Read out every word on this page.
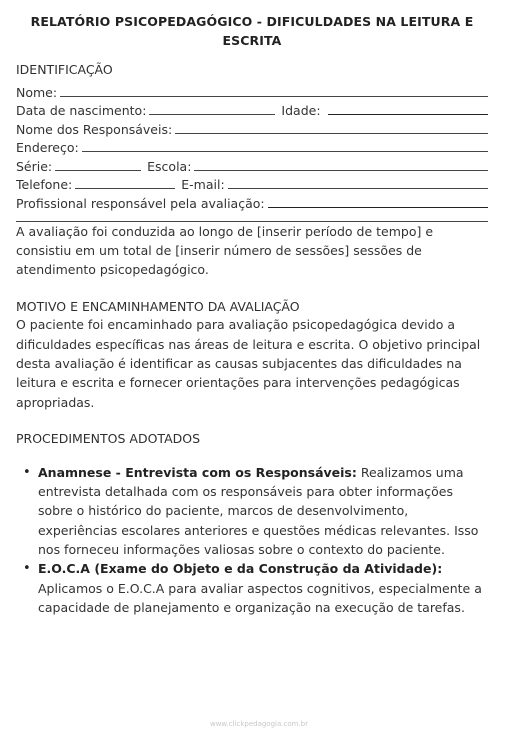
RELATÓRIO PSICOPEDAGÓGICO - DIFICULDADES NA LEITURA E ESCRITA
IDENTIFICAÇÃO
Nome:
Data de nascimento:	Idade:
Nome dos Responsáveis:
Endereço:
Série:	Escola:
Telefone:	E-mail:
Profissional responsável pela avaliação:

A avaliação foi conduzida ao longo de [inserir período de tempo] e consistiu em um total de [inserir número de sessões] sessões de atendimento psicopedagógico.

MOTIVO E ENCAMINHAMENTO DA AVALIAÇÃO

O paciente foi encaminhado para avaliação psicopedagógica devido a dificuldades específicas nas áreas de leitura e escrita. O objetivo principal desta avaliação é identificar as causas subjacentes das dificuldades na leitura e escrita e fornecer orientações para intervenções pedagógicas apropriadas.

PROCEDIMENTOS ADOTADOS
• Anamnese - Entrevista com os Responsáveis: Realizamos uma entrevista detalhada com os responsáveis para obter informações sobre o histórico do paciente, marcos de desenvolvimento, experiências escolares anteriores e questões médicas relevantes. Isso nos forneceu informações valiosas sobre o contexto do paciente.
• E.O.C.A (Exame do Objeto e da Construção da Atividade):
Aplicamos o E.O.C.A para avaliar aspectos cognitivos, especialmente a capacidade de planejamento e organização na execução de tarefas.
www.clickpedagogia.com.br
